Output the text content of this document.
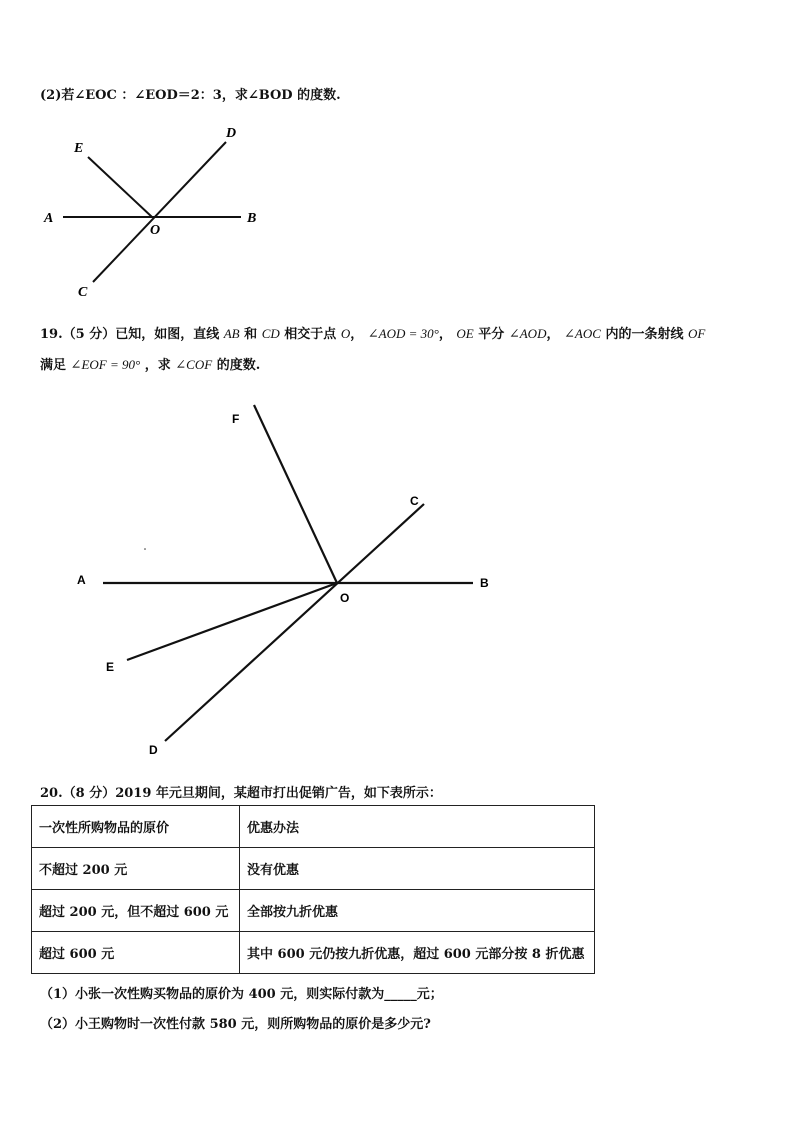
(2)若∠EOC ：∠EOD＝2：3，求∠BOD 的度数.
E
D
A
O
B
C
F
C
A
O
B
E
D
19.（5 分）已知，如图，直线 AB 和 CD 相交于点 O， ∠AOD = 30°， OE 平分 ∠AOD， ∠AOC 内的一条射线 OF
满足 ∠EOF = 90° ，求 ∠COF 的度数.
20.（8 分）2019 年元旦期间，某超市打出促销广告，如下表所示：
一次性所购物品的原价	优惠办法
不超过 200 元	没有优惠
超过 200 元，但不超过 600 元	全部按九折优惠
超过 600 元	其中 600 元仍按九折优惠，超过 600 元部分按 8 折优惠
（1）小张一次性购买物品的原价为 400 元，则实际付款为_____元；
（2）小王购物时一次性付款 580 元，则所购物品的原价是多少元?
